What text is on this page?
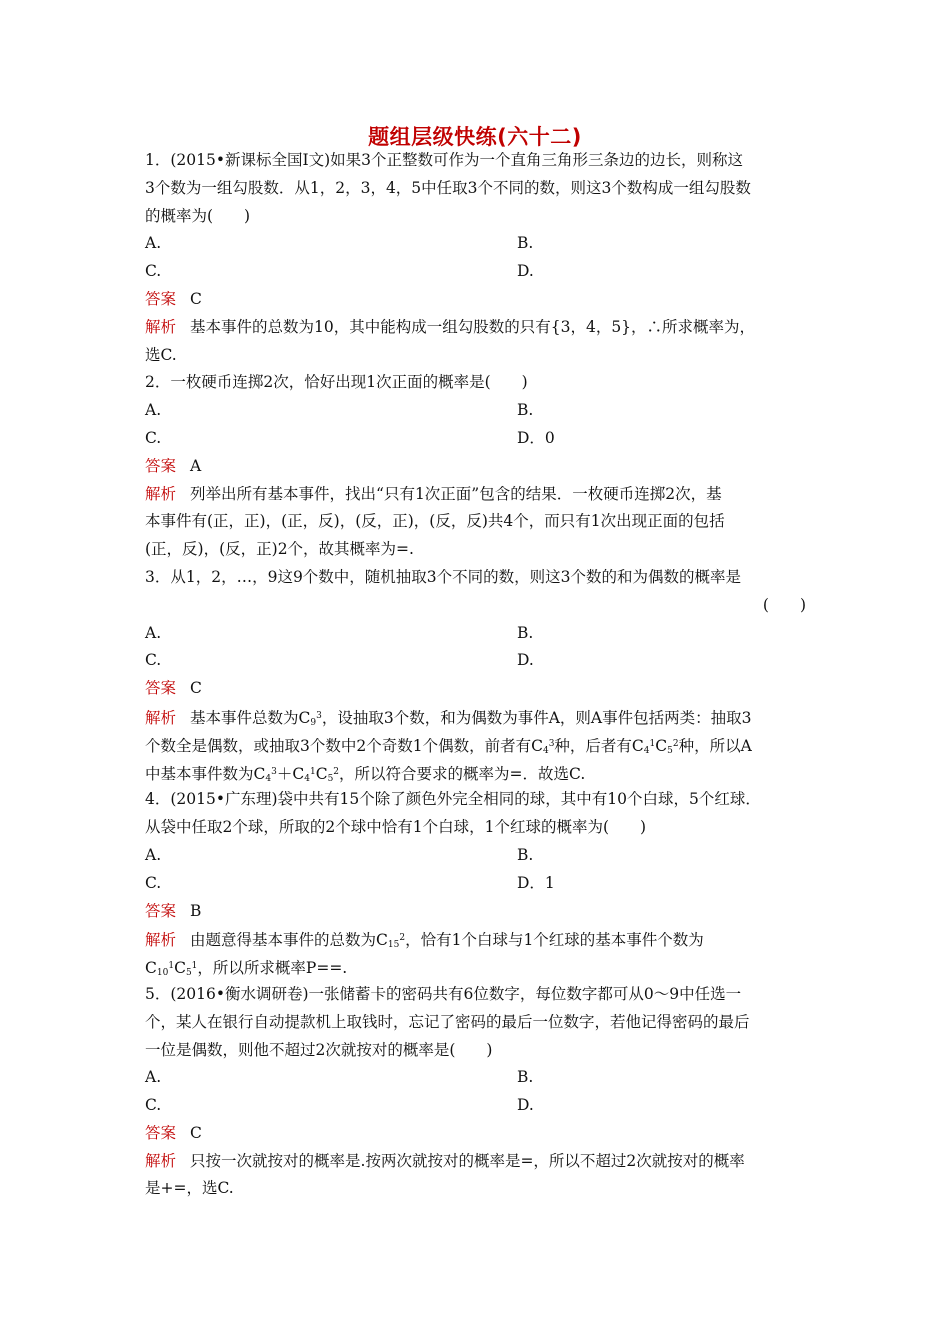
题组层级快练(六十二)
1．(2015•新课标全国Ⅰ文)如果3个正整数可作为一个直角三角形三条边的边长，则称这
3个数为一组勾股数．从1，2，3，4，5中任取3个不同的数，则这3个数构成一组勾股数
的概率为(　　)
A.	B.
C.	D.
答案 C
解析 基本事件的总数为10，其中能构成一组勾股数的只有{3，4，5}，∴所求概率为，
选C.
2．一枚硬币连掷2次，恰好出现1次正面的概率是(　　)
A.	B.
C.	D．0
答案 A
解析 列举出所有基本事件，找出“只有1次正面”包含的结果．一枚硬币连掷2次，基
本事件有(正，正)，(正，反)，(反，正)，(反，反)共4个，而只有1次出现正面的包括
(正，反)，(反，正)2个，故其概率为=.
3．从1，2，…，9这9个数中，随机抽取3个不同的数，则这3个数的和为偶数的概率是
(　　)
A.	B.
C.	D.
答案 C
解析 基本事件总数为$C_9^3$，设抽取3个数，和为偶数为事件A，则A事件包括两类：抽取3
个数全是偶数，或抽取3个数中2个奇数1个偶数，前者有$C_4^3$种，后者有$C_4^1C_5^2$种，所以A
中基本事件数为$C_4^3+C_4^1C_5^2$，所以符合要求的概率为=．故选C.
4．(2015•广东理)袋中共有15个除了颜色外完全相同的球，其中有10个白球，5个红球．
从袋中任取2个球，所取的2个球中恰有1个白球，1个红球的概率为(　　)
A.	B.
C.	D．1
答案 B
解析 由题意得基本事件的总数为$C_{15}^2$，恰有1个白球与1个红球的基本事件个数为
$C_{10}^1C_5^1$，所以所求概率P==.
5．(2016•衡水调研卷)一张储蓄卡的密码共有6位数字，每位数字都可从0～9中任选一
个，某人在银行自动提款机上取钱时，忘记了密码的最后一位数字，若他记得密码的最后
一位是偶数，则他不超过2次就按对的概率是(　　)
A.	B.
C.	D.
答案 C
解析 只按一次就按对的概率是.按两次就按对的概率是=，所以不超过2次就按对的概率
是+=，选C.
